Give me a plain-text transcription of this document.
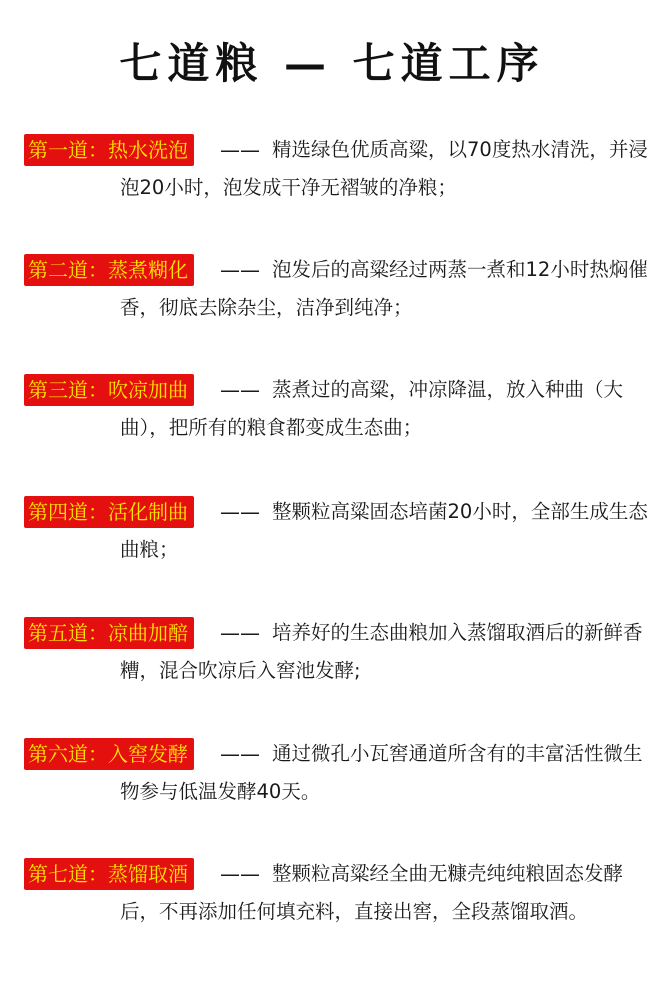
七道粮 — 七道工序
第一道：热水洗泡	—— 精选绿色优质高粱，以70度热水清洗，并浸泡20小时，泡发成干净无褶皱的净粮；
第二道：蒸煮糊化	—— 泡发后的高粱经过两蒸一煮和12小时热焖催香，彻底去除杂尘，洁净到纯净；
第三道：吹凉加曲	—— 蒸煮过的高粱，冲凉降温，放入种曲（大曲），把所有的粮食都变成生态曲；
第四道：活化制曲	—— 整颗粒高粱固态培菌20小时，全部生成生态曲粮；
第五道：凉曲加醅	—— 培养好的生态曲粮加入蒸馏取酒后的新鲜香糟，混合吹凉后入窖池发酵;
第六道：入窖发酵	—— 通过微孔小瓦窖通道所含有的丰富活性微生物参与低温发酵40天。
第七道：蒸馏取酒	—— 整颗粒高粱经全曲无糠壳纯纯粮固态发酵后，不再添加任何填充料，直接出窖，全段蒸馏取酒。
